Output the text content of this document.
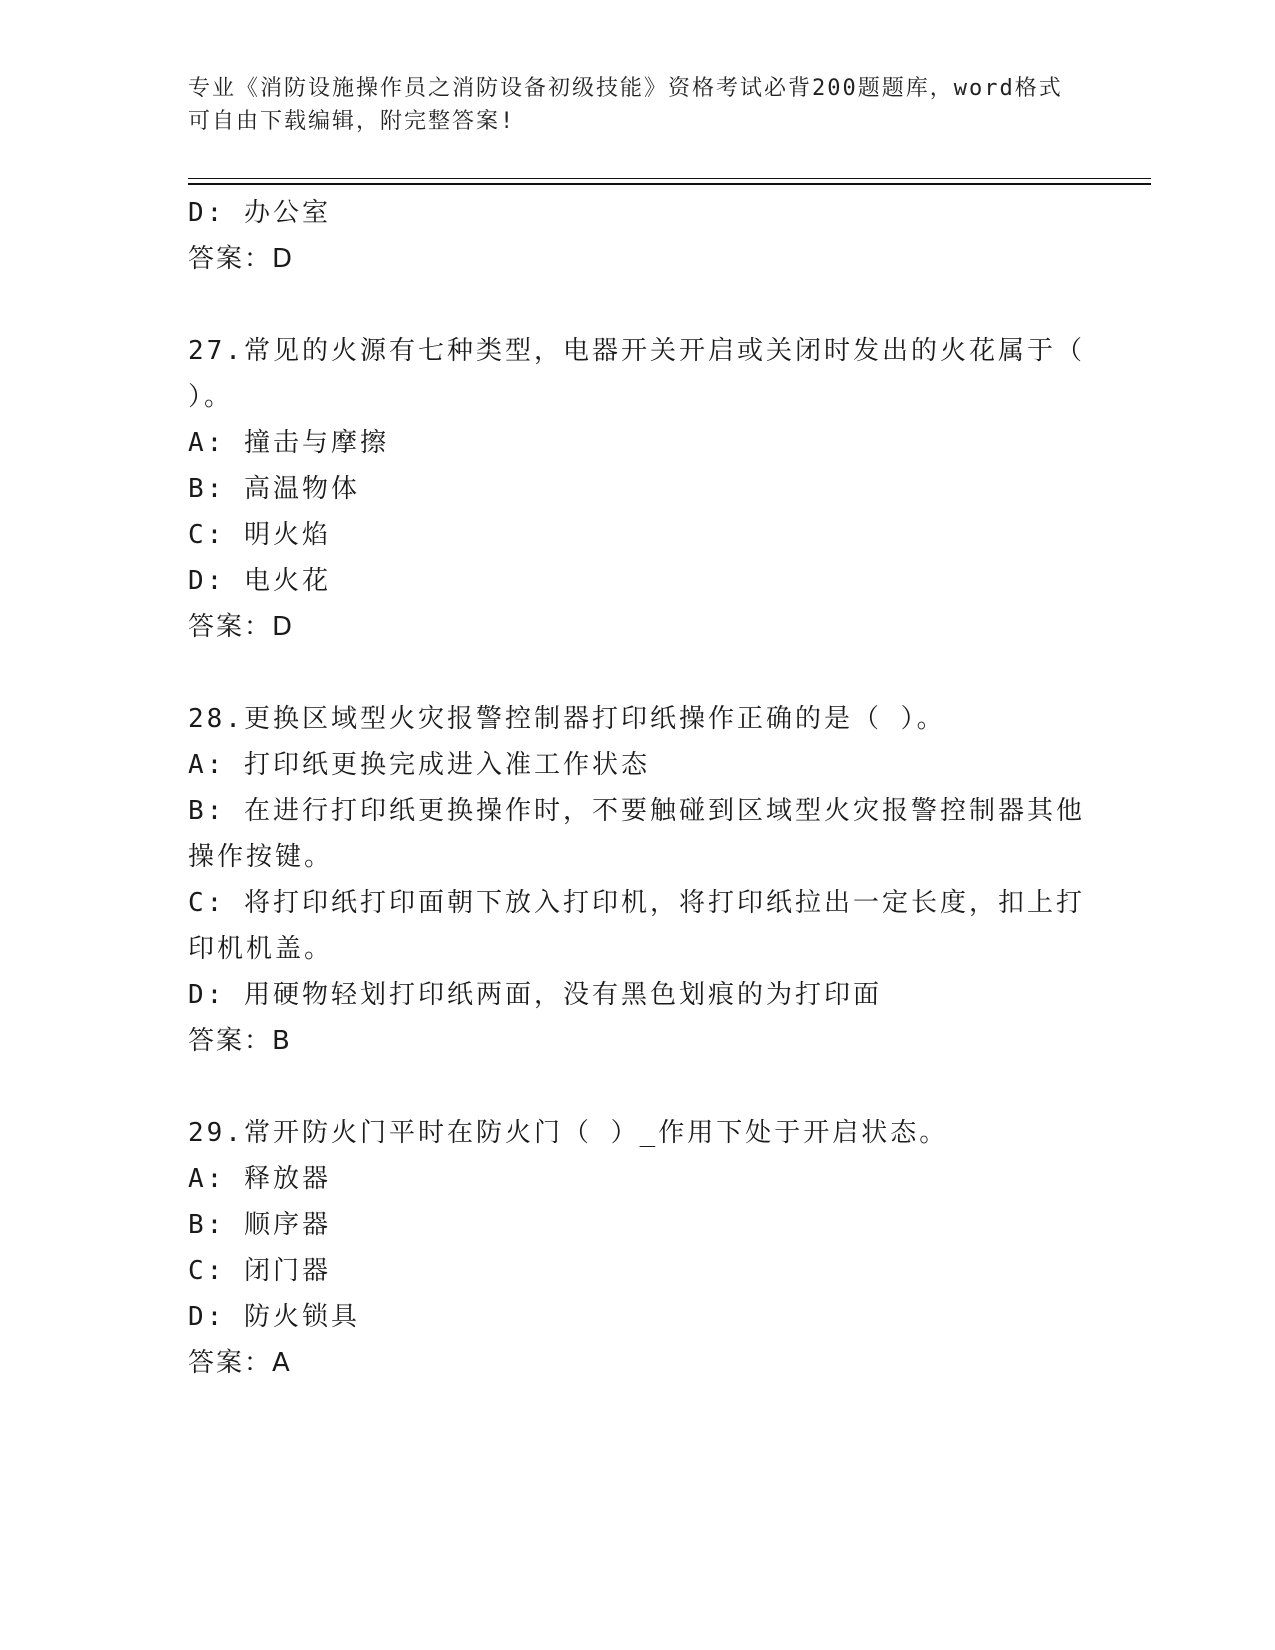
专业《消防设施操作员之消防设备初级技能》资格考试必背200题题库，word格式可自由下载编辑，附完整答案!
D: 办公室
答案：D
27.常见的火源有七种类型，电器开关开启或关闭时发出的火花属于（ ）。
A: 撞击与摩擦
B: 高温物体
C: 明火焰
D: 电火花
答案：D
28.更换区域型火灾报警控制器打印纸操作正确的是（ ）。
A: 打印纸更换完成进入准工作状态
B: 在进行打印纸更换操作时，不要触碰到区域型火灾报警控制器其他操作按键。
C: 将打印纸打印面朝下放入打印机，将打印纸拉出一定长度，扣上打印机机盖。
D: 用硬物轻划打印纸两面，没有黑色划痕的为打印面
答案：B
29.常开防火门平时在防火门（ ）_作用下处于开启状态。
A: 释放器
B: 顺序器
C: 闭门器
D: 防火锁具
答案：A
